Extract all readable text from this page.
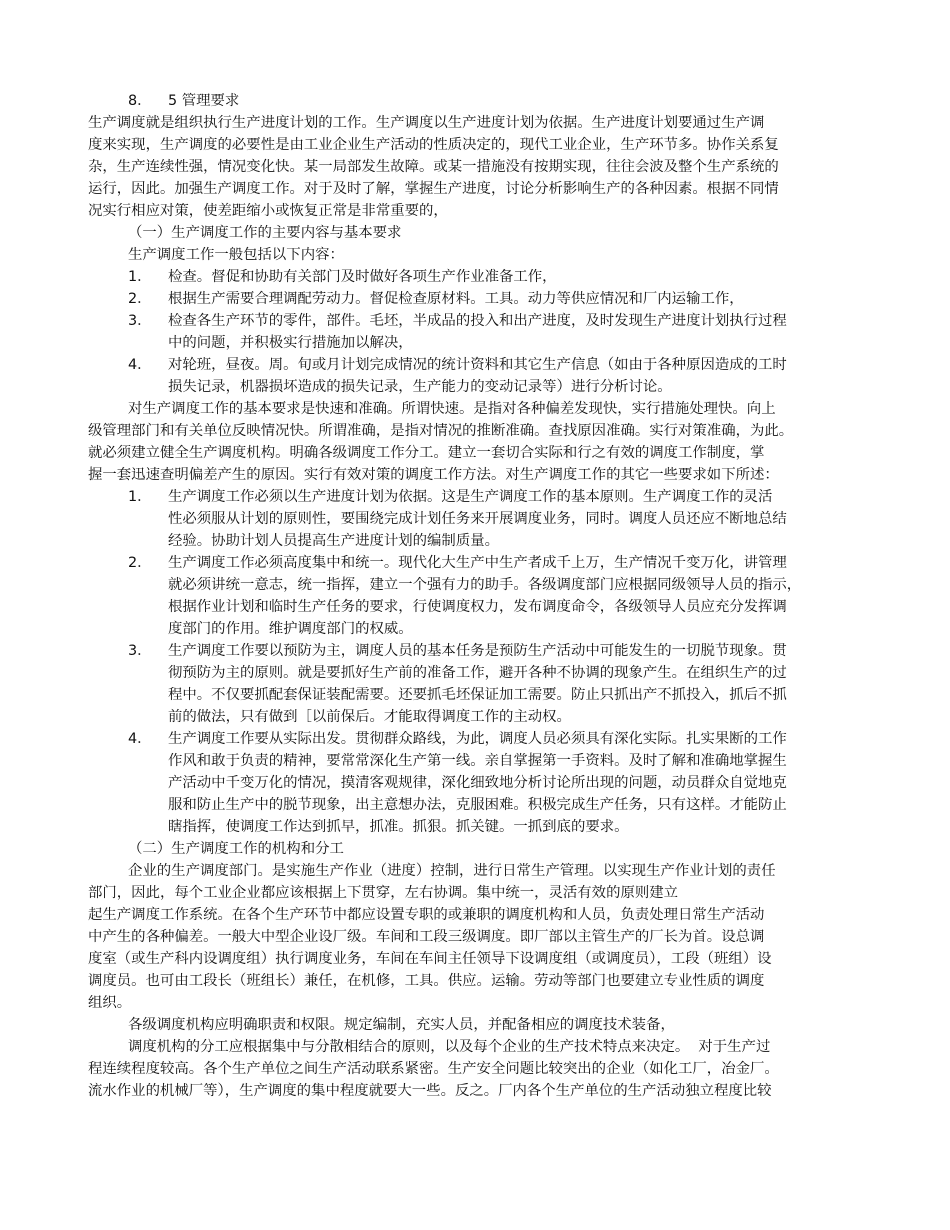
8． 5 管理要求
生产调度就是组织执行生产进度计划的工作。生产调度以生产进度计划为依据。生产进度计划要通过生产调
度来实现，生产调度的必要性是由工业企业生产活动的性质决定的，现代工业企业，生产环节多。协作关系复
杂，生产连续性强，情况变化快。某一局部发生故障。或某一措施没有按期实现，往往会波及整个生产系统的
运行，因此。加强生产调度工作。对于及时了解，掌握生产进度，讨论分析影响生产的各种因素。根据不同情
况实行相应对策，使差距缩小或恢复正常是非常重要的，
（一）生产调度工作的主要内容与基本要求
生产调度工作一般包括以下内容：
1． 检查。督促和协助有关部门及时做好各项生产作业准备工作，
2． 根据生产需要合理调配劳动力。督促检查原材料。工具。动力等供应情况和厂内运输工作，
3． 检查各生产环节的零件，部件。毛坯，半成品的投入和出产进度，及时发现生产进度计划执行过程
中的问题，并积极实行措施加以解决，
4． 对轮班，昼夜。周。旬或月计划完成情况的统计资料和其它生产信息（如由于各种原因造成的工时
损失记录，机器损坏造成的损失记录，生产能力的变动记录等）进行分析讨论。
对生产调度工作的基本要求是快速和准确。所谓快速。是指对各种偏差发现快，实行措施处理快。向上
级管理部门和有关单位反映情况快。所谓准确，是指对情况的推断准确。查找原因准确。实行对策准确，为此。
就必须建立健全生产调度机构。明确各级调度工作分工。建立一套切合实际和行之有效的调度工作制度，掌
握一套迅速查明偏差产生的原因。实行有效对策的调度工作方法。对生产调度工作的其它一些要求如下所述：
1． 生产调度工作必须以生产进度计划为依据。这是生产调度工作的基本原则。生产调度工作的灵活
性必须服从计划的原则性，要围绕完成计划任务来开展调度业务，同时。调度人员还应不断地总结
经验。协助计划人员提高生产进度计划的编制质量。
2． 生产调度工作必须高度集中和统一。现代化大生产中生产者成千上万，生产情况千变万化，讲管理
就必须讲统一意志，统一指挥，建立一个强有力的助手。各级调度部门应根据同级领导人员的指示，
根据作业计划和临时生产任务的要求，行使调度权力，发布调度命令，各级领导人员应充分发挥调
度部门的作用。维护调度部门的权威。
3． 生产调度工作要以预防为主，调度人员的基本任务是预防生产活动中可能发生的一切脱节现象。贯
彻预防为主的原则。就是要抓好生产前的准备工作，避开各种不协调的现象产生。在组织生产的过
程中。不仅要抓配套保证装配需要。还要抓毛坯保证加工需要。防止只抓出产不抓投入，抓后不抓
前的做法，只有做到［以前保后。才能取得调度工作的主动权。
4． 生产调度工作要从实际出发。贯彻群众路线，为此，调度人员必须具有深化实际。扎实果断的工作
作风和敢于负责的精神，要常常深化生产第一线。亲自掌握第一手资料。及时了解和准确地掌握生
产活动中千变万化的情况，摸清客观规律，深化细致地分析讨论所出现的问题，动员群众自觉地克
服和防止生产中的脱节现象，出主意想办法，克服困难。积极完成生产任务，只有这样。才能防止
瞎指挥，使调度工作达到抓早，抓准。抓狠。抓关键。一抓到底的要求。
（二）生产调度工作的机构和分工
企业的生产调度部门。是实施生产作业（进度）控制，进行日常生产管理。以实现生产作业计划的责任
部门，因此，每个工业企业都应该根据上下贯穿，左右协调。集中统一，灵活有效的原则建立
起生产调度工作系统。在各个生产环节中都应设置专职的或兼职的调度机构和人员，负责处理日常生产活动
中产生的各种偏差。一般大中型企业设厂级。车间和工段三级调度。即厂部以主管生产的厂长为首。设总调
度室（或生产科内设调度组）执行调度业务，车间在车间主任领导下设调度组（或调度员），工段（班组）设
调度员。也可由工段长（班组长）兼任，在机修，工具。供应。运输。劳动等部门也要建立专业性质的调度
组织。
各级调度机构应明确职责和权限。规定编制，充实人员，并配备相应的调度技术装备，
调度机构的分工应根据集中与分散相结合的原则，以及每个企业的生产技术特点来决定。  对于生产过
程连续程度较高。各个生产单位之间生产活动联系紧密。生产安全问题比较突出的企业（如化工厂，冶金厂。
流水作业的机械厂等），生产调度的集中程度就要大一些。反之。厂内各个生产单位的生产活动独立程度比较
